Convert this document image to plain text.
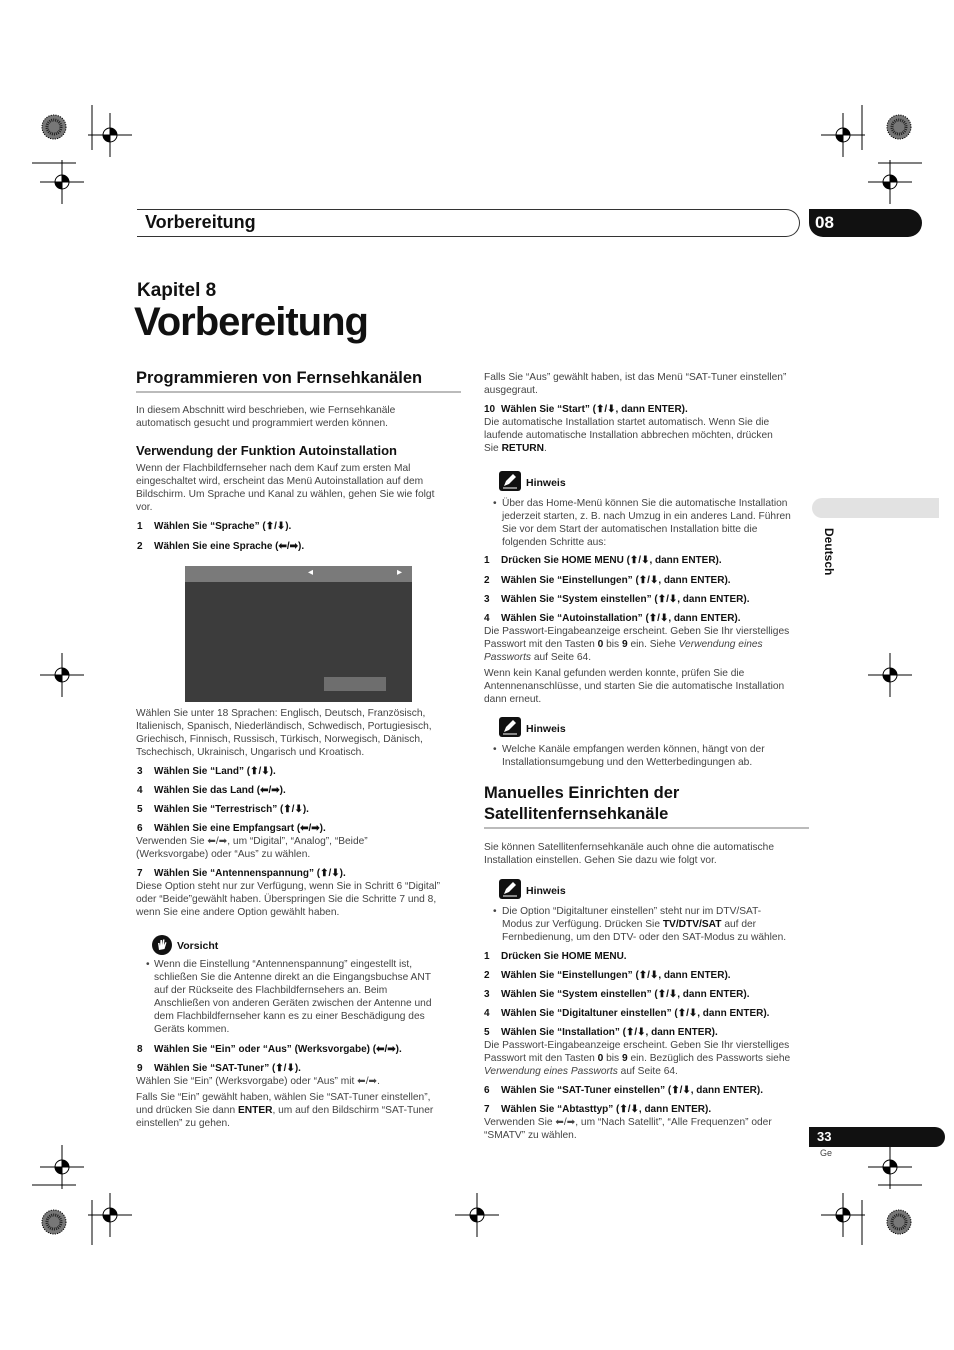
Vorbereitung	08
Kapitel 8
Vorbereitung
Deutsch
Programmieren von Fernsehkanälen

In diesem Abschnitt wird beschrieben, wie Fernsehkanäle

automatisch gesucht und programmiert werden können.

Verwendung der Funktion Autoinstallation

Wenn der Flachbildfernseher nach dem Kauf zum ersten Mal

eingeschaltet wird, erscheint das Menü Autoinstallation auf dem

Bildschirm. Um Sprache und Kanal zu wählen, gehen Sie wie folgt

vor.

1 Wählen Sie “Sprache” (⬆/⬇).

2 Wählen Sie eine Sprache (⬅/➡).

◂	▸

Wählen Sie unter 18 Sprachen: Englisch, Deutsch, Französisch,

Italienisch, Spanisch, Niederländisch, Schwedisch, Portugiesisch,

Griechisch, Finnisch, Russisch, Türkisch, Norwegisch, Dänisch,

Tschechisch, Ukrainisch, Ungarisch und Kroatisch.

3 Wählen Sie “Land” (⬆/⬇).

4 Wählen Sie das Land (⬅/➡).

5 Wählen Sie “Terrestrisch” (⬆/⬇).

6 Wählen Sie eine Empfangsart (⬅/➡).

Verwenden Sie ⬅/➡, um “Digital”, “Analog”, “Beide”

(Werksvorgabe) oder “Aus” zu wählen.

7 Wählen Sie “Antennenspannung” (⬆/⬇).

Diese Option steht nur zur Verfügung, wenn Sie in Schritt 6 “Digital”

oder “Beide”gewählt haben. Überspringen Sie die Schritte 7 und 8,

wenn Sie eine andere Option gewählt haben.

Vorsicht
• Wenn die Einstellung “Antennenspannung” eingestellt ist,

schließen Sie die Antenne direkt an die Eingangsbuchse ANT

auf der Rückseite des Flachbildfernsehers an. Beim

Anschließen von anderen Geräten zwischen der Antenne und

dem Flachbildfernseher kann es zu einer Beschädigung des

Geräts kommen.

8 Wählen Sie “Ein” oder “Aus” (Werksvorgabe) (⬅/➡).

9 Wählen Sie “SAT-Tuner” (⬆/⬇).

Wählen Sie “Ein” (Werksvorgabe) oder “Aus” mit ⬅/➡.

Falls Sie “Ein” gewählt haben, wählen Sie “SAT-Tuner einstellen”,

und drücken Sie dann ENTER, um auf den Bildschirm “SAT-Tuner

einstellen” zu gehen.

Falls Sie “Aus” gewählt haben, ist das Menü “SAT-Tuner einstellen”

ausgegraut.

10 Wählen Sie “Start” (⬆/⬇, dann ENTER).

Die automatische Installation startet automatisch. Wenn Sie die

laufende automatische Installation abbrechen möchten, drücken

Sie RETURN.

Hinweis
• Über das Home-Menü können Sie die automatische Installation

jederzeit starten, z. B. nach Umzug in ein anderes Land. Führen

Sie vor dem Start der automatischen Installation bitte die

folgenden Schritte aus:

1 Drücken Sie HOME MENU (⬆/⬇, dann ENTER).

2 Wählen Sie “Einstellungen” (⬆/⬇, dann ENTER).

3 Wählen Sie “System einstellen” (⬆/⬇, dann ENTER).

4 Wählen Sie “Autoinstallation” (⬆/⬇, dann ENTER).

Die Passwort-Eingabeanzeige erscheint. Geben Sie Ihr vierstelliges

Passwort mit den Tasten 0 bis 9 ein. Siehe Verwendung eines

Passworts auf Seite 64.

Wenn kein Kanal gefunden werden konnte, prüfen Sie die

Antennenanschlüsse, und starten Sie die automatische Installation

dann erneut.

Hinweis
• Welche Kanäle empfangen werden können, hängt von der

Installationsumgebung und den Wetterbedingungen ab.

Manuelles Einrichten der
Satellitenfernsehkanäle

Sie können Satellitenfernsehkanäle auch ohne die automatische

Installation einstellen. Gehen Sie dazu wie folgt vor.

Hinweis
• Die Option “Digitaltuner einstellen” steht nur im DTV/SAT-

Modus zur Verfügung. Drücken Sie TV/DTV/SAT auf der

Fernbedienung, um den DTV- oder den SAT-Modus zu wählen.

1 Drücken Sie HOME MENU.

2 Wählen Sie “Einstellungen” (⬆/⬇, dann ENTER).

3 Wählen Sie “System einstellen” (⬆/⬇, dann ENTER).

4 Wählen Sie “Digitaltuner einstellen” (⬆/⬇, dann ENTER).

5 Wählen Sie “Installation” (⬆/⬇, dann ENTER).

Die Passwort-Eingabeanzeige erscheint. Geben Sie Ihr vierstelliges

Passwort mit den Tasten 0 bis 9 ein. Bezüglich des Passworts siehe

Verwendung eines Passworts auf Seite 64.

6 Wählen Sie “SAT-Tuner einstellen” (⬆/⬇, dann ENTER).

7 Wählen Sie “Abtasttyp” (⬆/⬇, dann ENTER).

Verwenden Sie ⬅/➡, um “Nach Satellit”, “Alle Frequenzen” oder

“SMATV” zu wählen.	33
Ge
